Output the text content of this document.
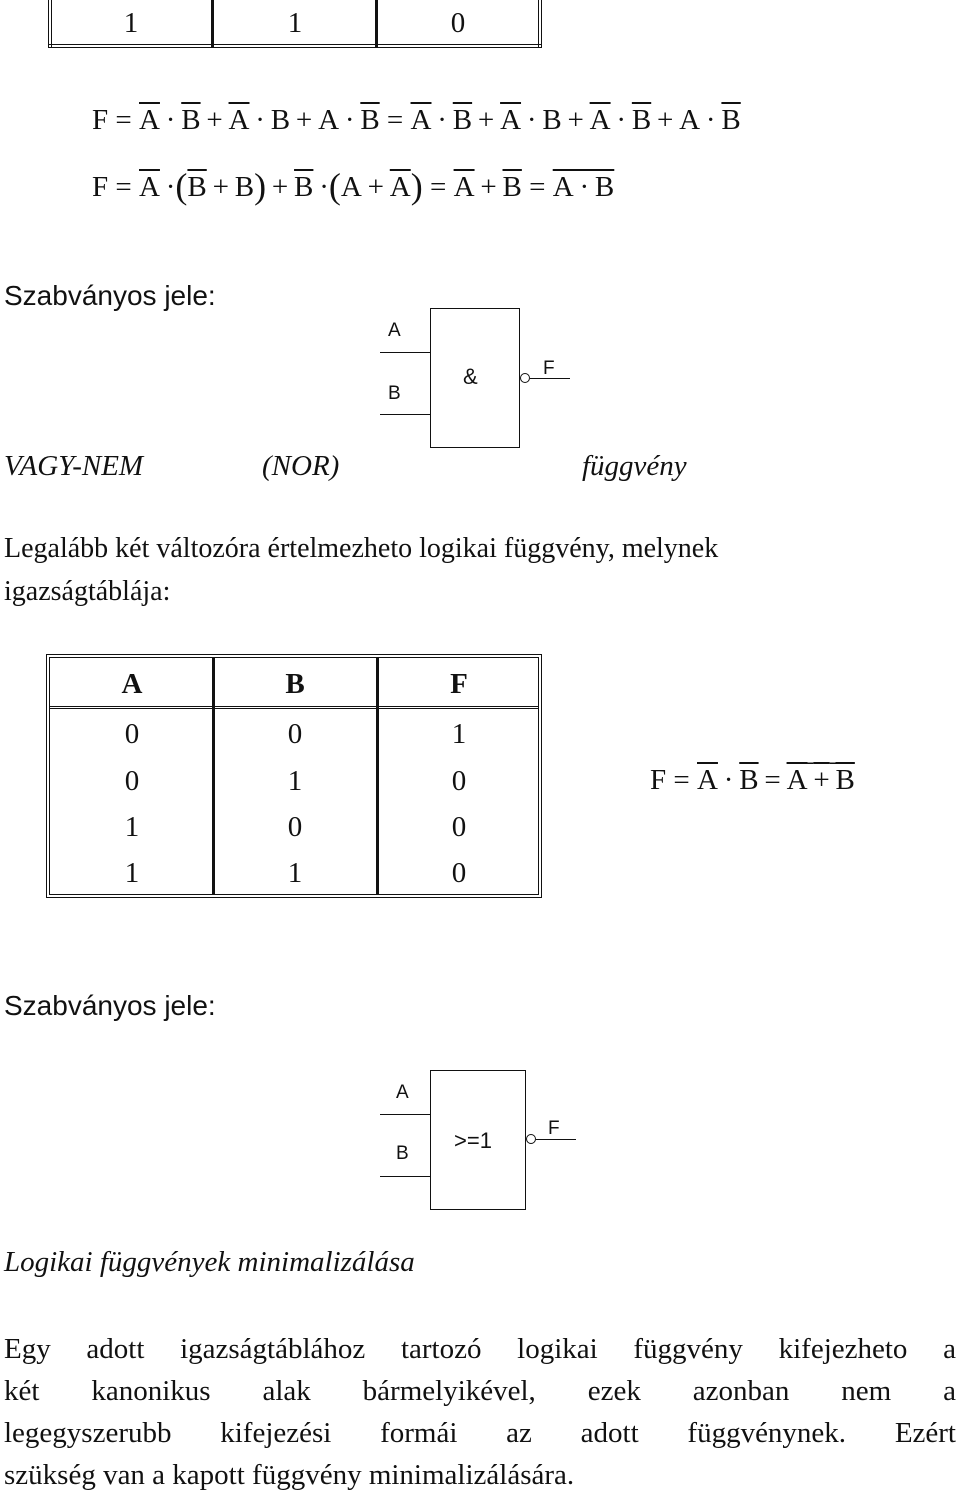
1	1	0
$F = \overline{A} \cdot \overline{B} + \overline{A} \cdot B + A \cdot \overline{B} = \overline{A} \cdot \overline{B} + \overline{A} \cdot B + \overline{A} \cdot \overline{B} + A \cdot \overline{B}$
$F = \overline{A} \cdot(\overline{B} + B) + \overline{B} \cdot(A + \overline{A}) = \overline{A} + \overline{B} = A \cdot B$
Szabványos jele:
A
B
&	F
VAGY-NEM	(NOR)	függvény
Legalább két változóra értelmezheto logikai függvény, melynek
igazságtáblája:
A	B	F
0	0	1
0	1	0
1	0	0
1	1	0
$F = \overline{A} \cdot \overline{B} = A + B$
Szabványos jele:
A
B
>=1	F
Logikai függvények minimalizálása
Egy adott igazságtáblához tartozó logikai függvény kifejezheto a
két kanonikus alak bármelyikével, ezek azonban nem a
legegyszerubb kifejezési formái az adott függvénynek. Ezért
szükség van a kapott függvény minimalizálására.
